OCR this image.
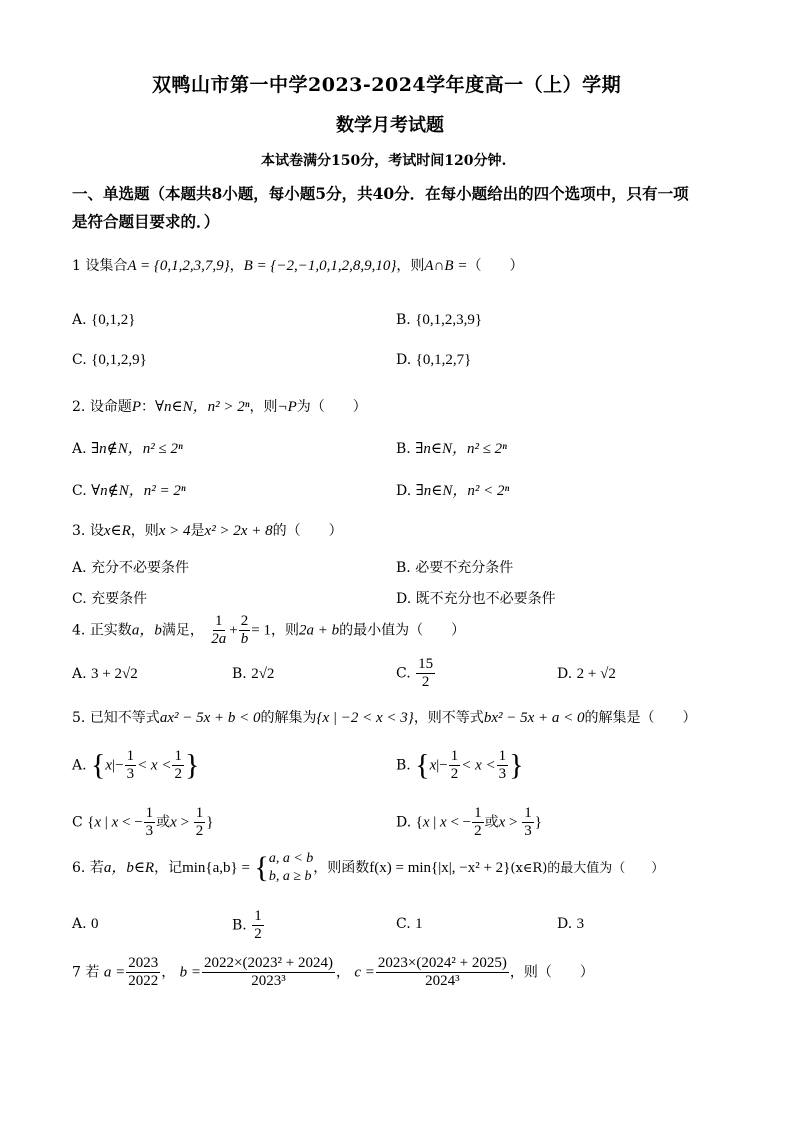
双鸭山市第一中学2023-2024学年度高一（上）学期
数学月考试题
本试卷满分150分，考试时间120分钟.
一、单选题（本题共8小题，每小题5分，共40分．在每小题给出的四个选项中，只有一项
是符合题目要求的．）
1 设集合A = {0,1,2,3,7,9}，B = {−2,−1,0,1,2,8,9,10}，则A∩B =（　　）
A. {0,1,2}	B. {0,1,2,3,9}
C. {0,1,2,9}	D. {0,1,2,7}
2. 设命题P：∀n∈N，n² > 2ⁿ，则¬P为（　　）
A. ∃n∉N，n² ≤ 2ⁿ	B. ∃n∈N，n² ≤ 2ⁿ
C. ∀n∉N，n² = 2ⁿ	D. ∃n∈N，n² < 2ⁿ
3. 设x∈R，则x > 4是x² > 2x + 8的（　　）
A. 充分不必要条件	B. 必要不充分条件
C. 充要条件	D. 既不充分也不必要条件
4. 正实数a，b满足， $\frac{1}{2a} + \frac{2}{b} = 1$，则2a + b的最小值为（　　）
A. 3 + 2√2	B. 2√2	C. $\frac{15}{2}$	D. 2 + √2
5. 已知不等式ax² − 5x + b < 0的解集为{x | −2 < x < 3}，则不等式bx² − 5x + a < 0的解集是（　　）
A. {$x|- \frac{1}{3} < x < \frac{1}{2}$ }	B. {$x|- \frac{1}{2} < x < \frac{1}{3}$ }
C {x | x < − $\frac{1}{3}$ 或$x > \frac{1}{2}$ }	D. {x | x < − $\frac{1}{2}$ 或$x > \frac{1}{3}$ }
6. 若a，b∈R，记min{a,b} = { a, a < b
b, a ≥ b
，则函数f(x) = min{|x|, −x² + 2}(x∈R)的最大值为（　　）
A. 0	B. $\frac{1}{2}$	C. 1	D. 3
7 若 $a = \frac{2023}{2022}$ ， $b = \frac{\text{2022×(2023² + 2024)}}{\text{2023³}}$ ， $c = \frac{\text{2023×(2024² + 2025)}}{\text{2024³}}$ ，则（　　）
